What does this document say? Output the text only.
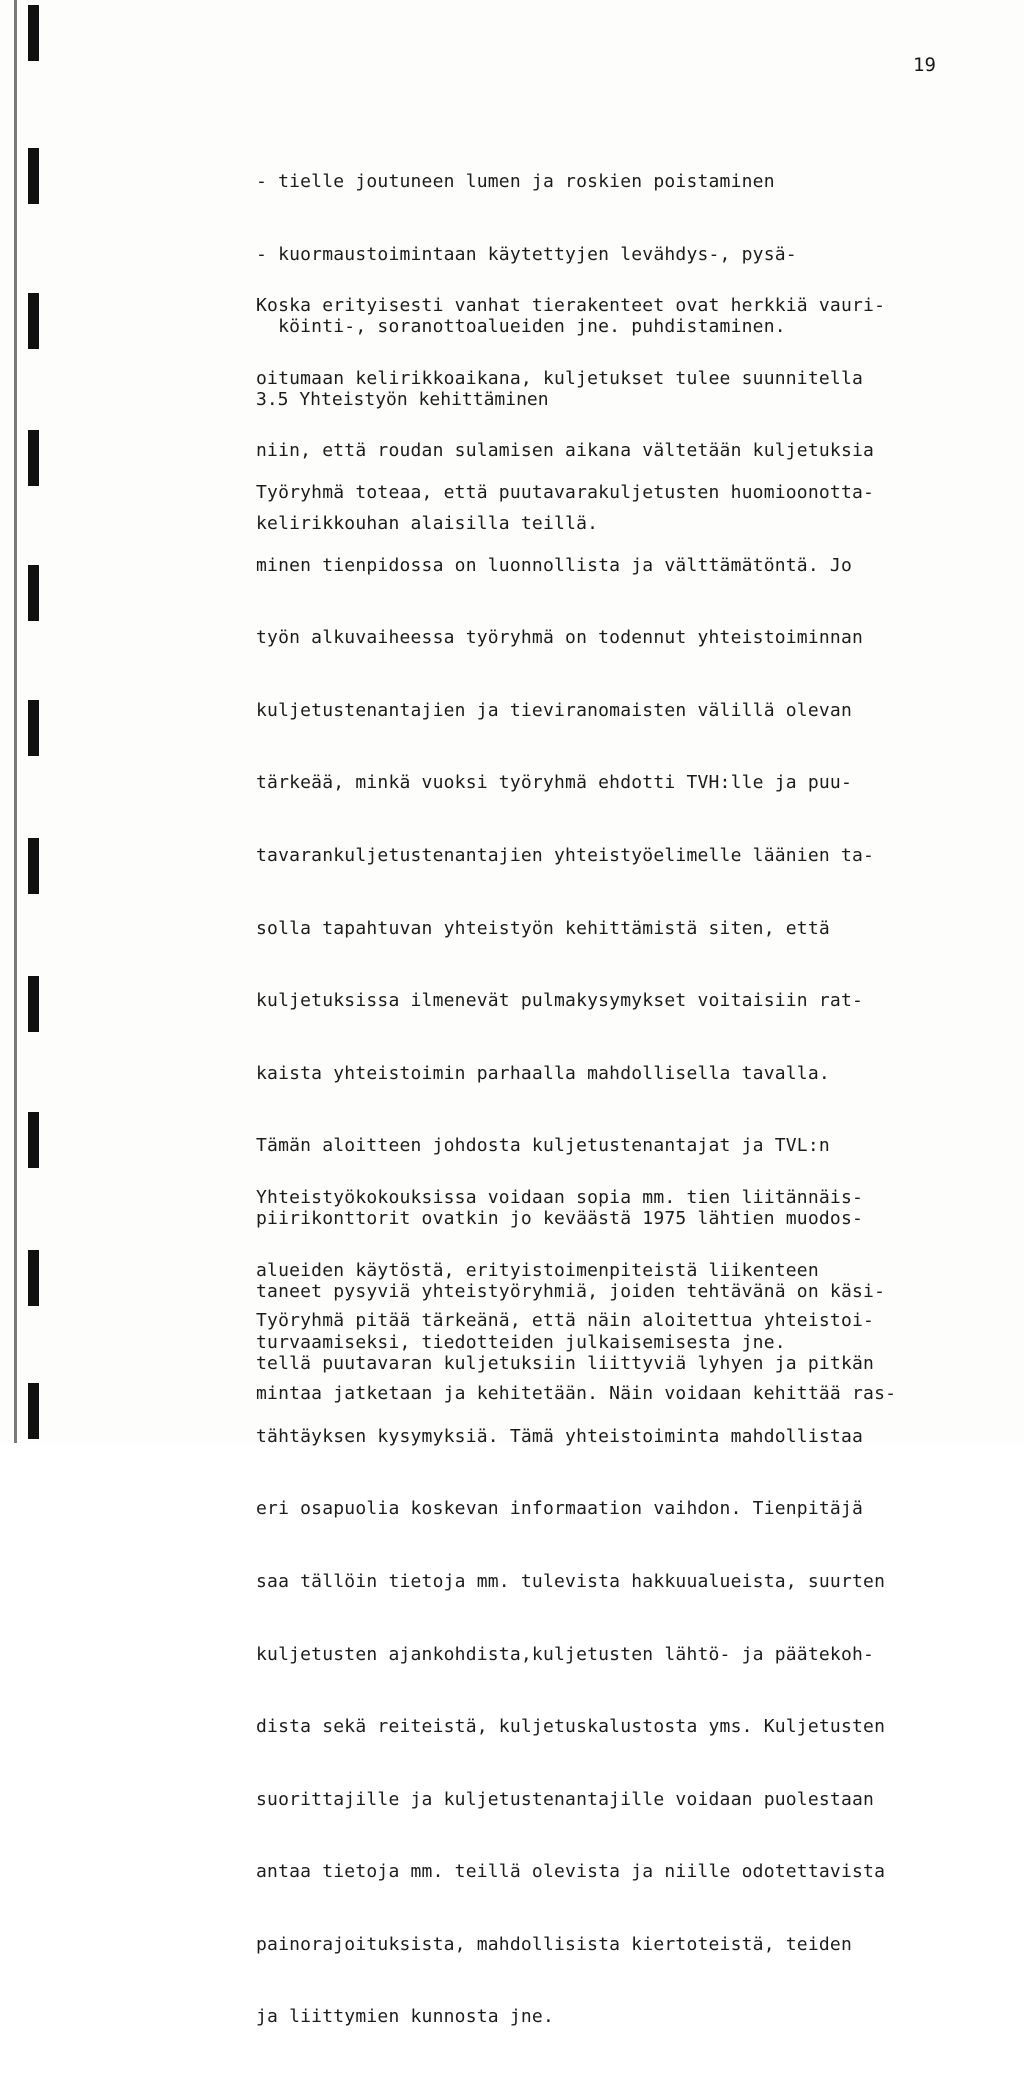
19

- tielle joutuneen lumen ja roskien poistaminen

- kuormaustoimintaan käytettyjen levähdys-, pysä-

köinti-, soranottoalueiden jne. puhdistaminen.

Koska erityisesti vanhat tierakenteet ovat herkkiä vauri-

oitumaan kelirikkoaikana, kuljetukset tulee suunnitella

niin, että roudan sulamisen aikana vältetään kuljetuksia

kelirikkouhan alaisilla teillä.

3.5 Yhteistyön kehittäminen

Työryhmä toteaa, että puutavarakuljetusten huomioonotta-

minen tienpidossa on luonnollista ja välttämätöntä. Jo

työn alkuvaiheessa työryhmä on todennut yhteistoiminnan

kuljetustenantajien ja tieviranomaisten välillä olevan

tärkeää, minkä vuoksi työryhmä ehdotti TVH:lle ja puu-

tavarankuljetustenantajien yhteistyöelimelle läänien ta-

solla tapahtuvan yhteistyön kehittämistä siten, että

kuljetuksissa ilmenevät pulmakysymykset voitaisiin rat-

kaista yhteistoimin parhaalla mahdollisella tavalla.

Tämän aloitteen johdosta kuljetustenantajat ja TVL:n

piirikonttorit ovatkin jo keväästä 1975 lähtien muodos-

taneet pysyviä yhteistyöryhmiä, joiden tehtävänä on käsi-

tellä puutavaran kuljetuksiin liittyviä lyhyen ja pitkän

tähtäyksen kysymyksiä. Tämä yhteistoiminta mahdollistaa

eri osapuolia koskevan informaation vaihdon. Tienpitäjä

saa tällöin tietoja mm. tulevista hakkuualueista, suurten

kuljetusten ajankohdista,kuljetusten lähtö- ja päätekoh-

dista sekä reiteistä, kuljetuskalustosta yms. Kuljetusten

suorittajille ja kuljetustenantajille voidaan puolestaan

antaa tietoja mm. teillä olevista ja niille odotettavista

painorajoituksista, mahdollisista kiertoteistä, teiden

ja liittymien kunnosta jne.

Yhteistyökokouksissa voidaan sopia mm. tien liitännäis-

alueiden käytöstä, erityistoimenpiteistä liikenteen

turvaamiseksi, tiedotteiden julkaisemisesta jne.

Työryhmä pitää tärkeänä, että näin aloitettua yhteistoi-

mintaa jatketaan ja kehitetään. Näin voidaan kehittää ras-
